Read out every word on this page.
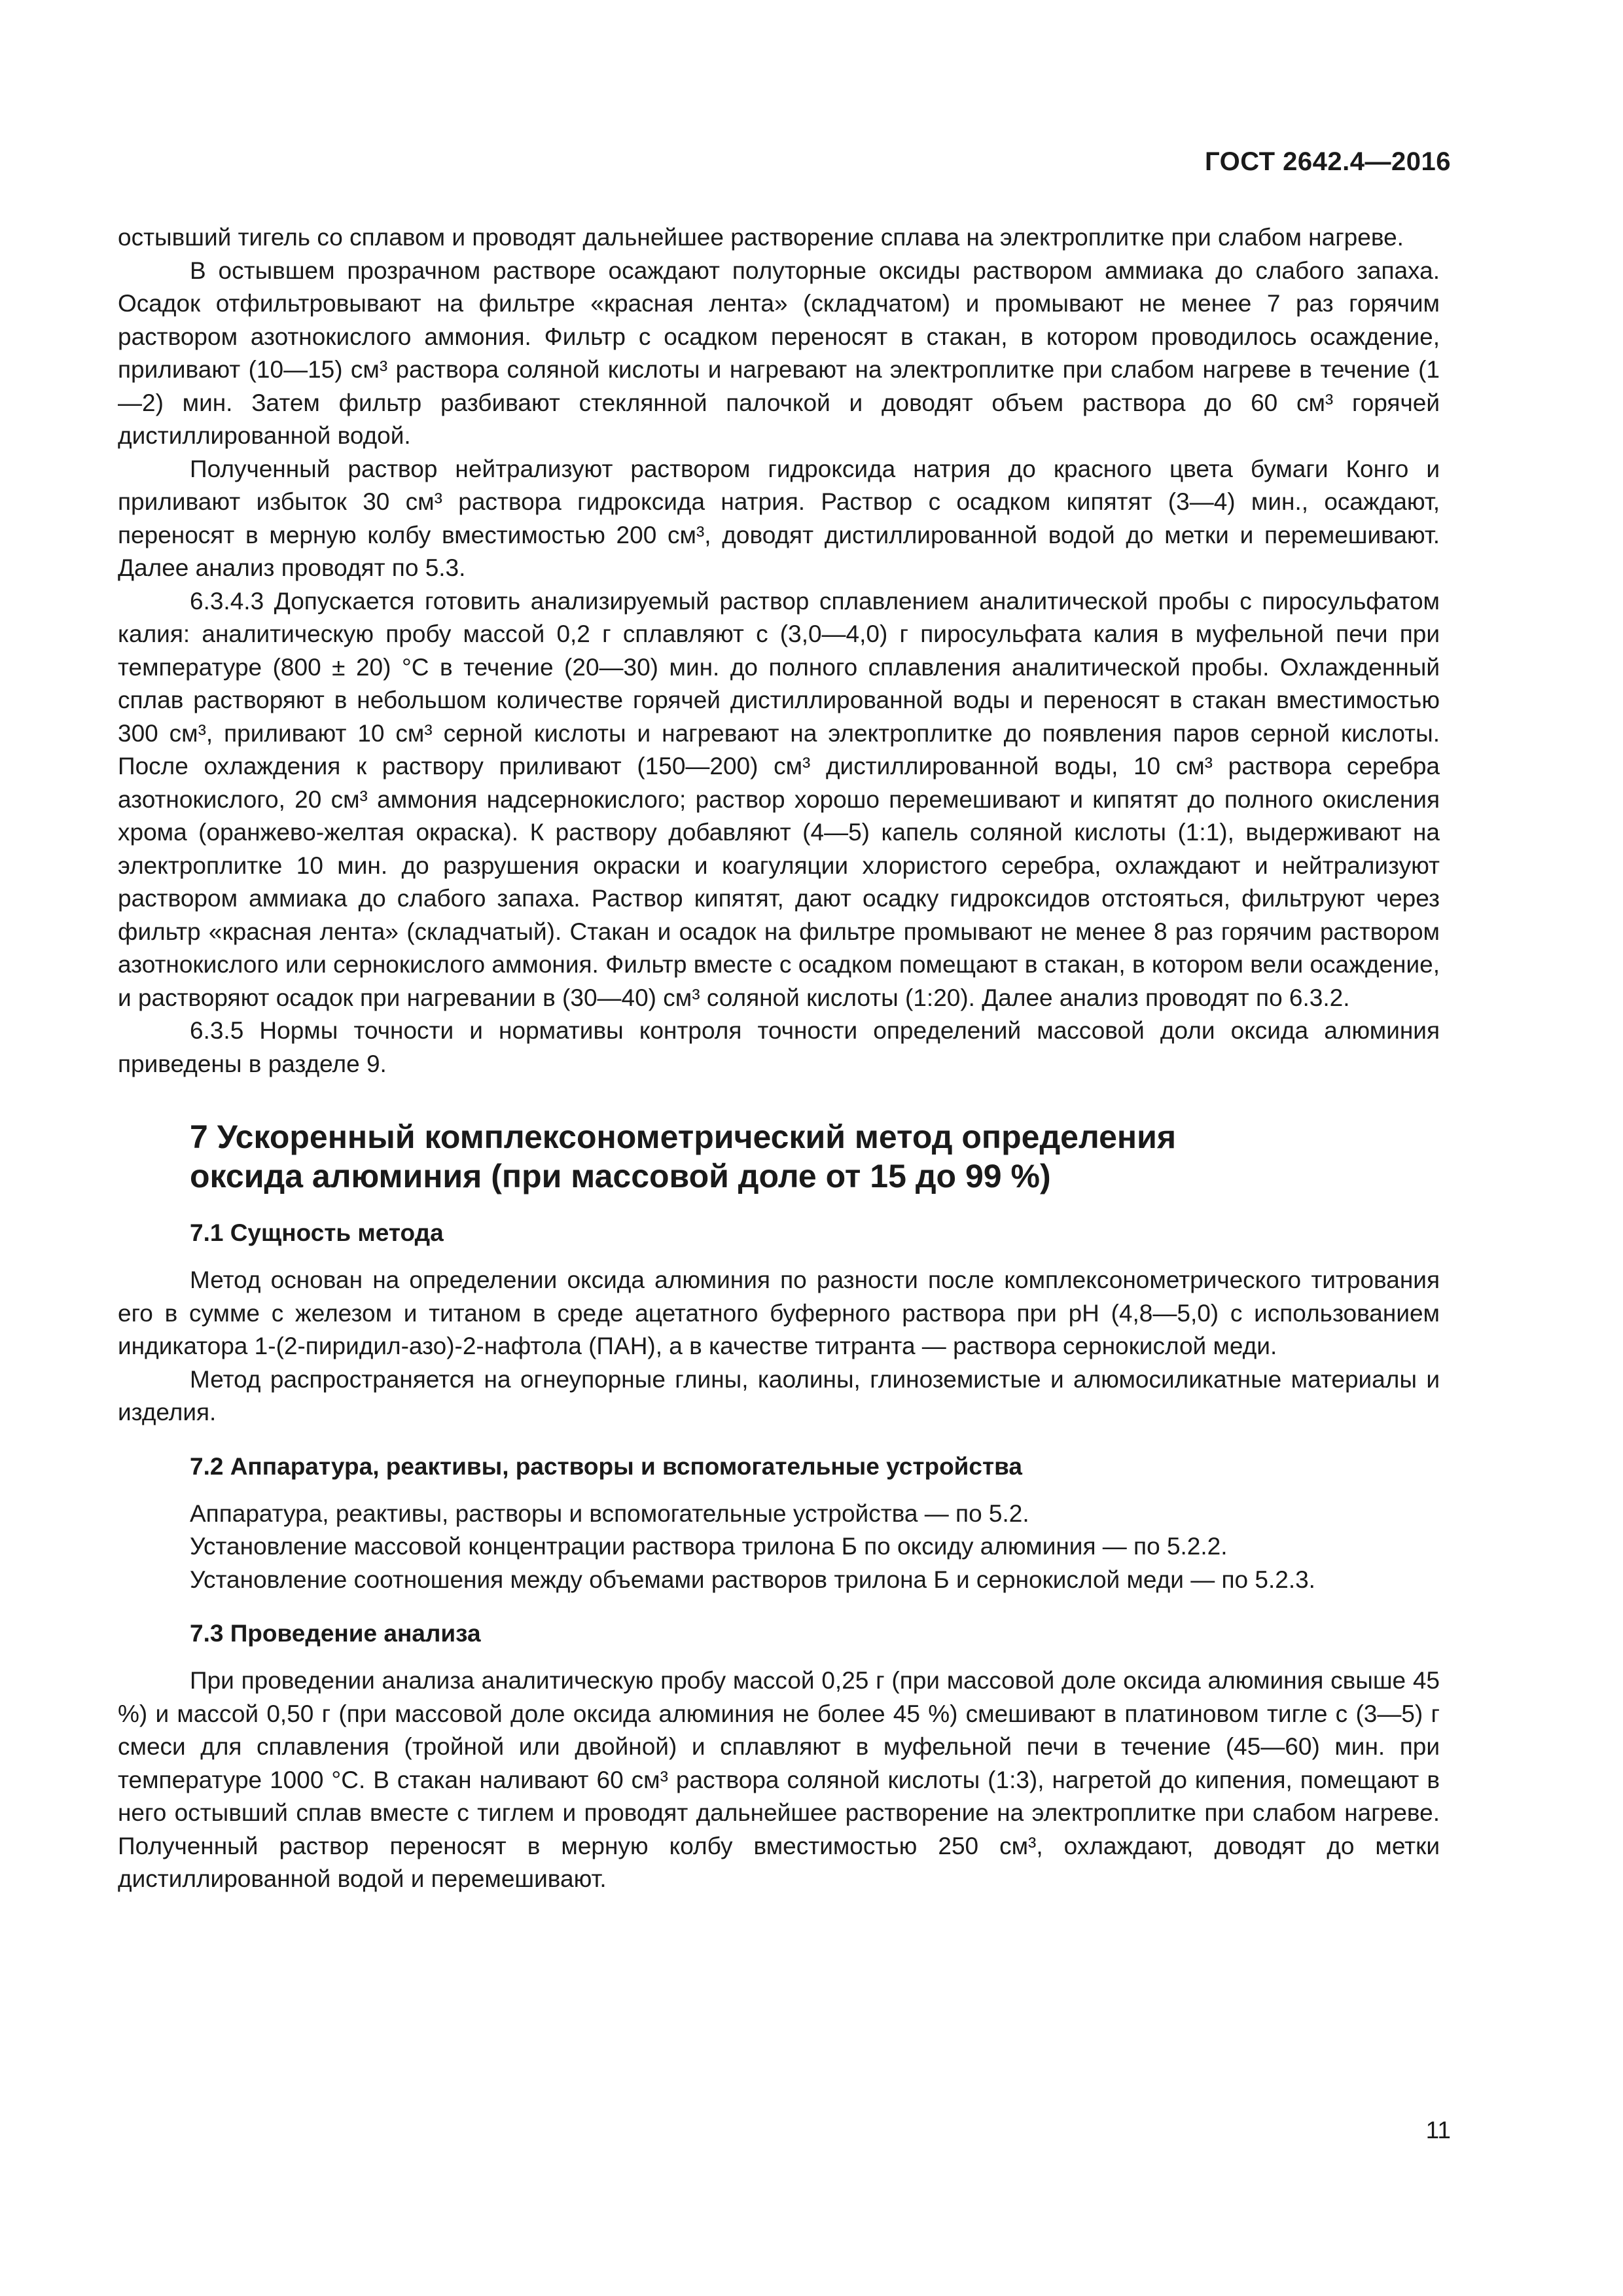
ГОСТ 2642.4—2016

остывший тигель со сплавом и проводят дальнейшее растворение сплава на электроплитке при слабом нагреве.

В остывшем прозрачном растворе осаждают полуторные оксиды раствором аммиака до слабого запаха. Осадок отфильтровывают на фильтре «красная лента» (складчатом) и промывают не менее 7 раз горячим раствором азотнокислого аммония. Фильтр с осадком переносят в стакан, в котором проводилось осаждение, приливают (10—15) см³ раствора соляной кислоты и нагревают на электроплитке при слабом нагреве в течение (1—2) мин. Затем фильтр разбивают стеклянной палочкой и доводят объем раствора до 60 см³ горячей дистиллированной водой.

Полученный раствор нейтрализуют раствором гидроксида натрия до красного цвета бумаги Конго и приливают избыток 30 см³ раствора гидроксида натрия. Раствор с осадком кипятят (3—4) мин., осаждают, переносят в мерную колбу вместимостью 200 см³, доводят дистиллированной водой до метки и перемешивают. Далее анализ проводят по 5.3.

6.3.4.3 Допускается готовить анализируемый раствор сплавлением аналитической пробы с пиросульфатом калия: аналитическую пробу массой 0,2 г сплавляют с (3,0—4,0) г пиросульфата калия в муфельной печи при температуре (800 ± 20) °С в течение (20—30) мин. до полного сплавления аналитической пробы. Охлажденный сплав растворяют в небольшом количестве горячей дистиллированной воды и переносят в стакан вместимостью 300 см³, приливают 10 см³ серной кислоты и нагревают на электроплитке до появления паров серной кислоты. После охлаждения к раствору приливают (150—200) см³ дистиллированной воды, 10 см³ раствора серебра азотнокислого, 20 см³ аммония надсернокислого; раствор хорошо перемешивают и кипятят до полного окисления хрома (оранжево-желтая окраска). К раствору добавляют (4—5) капель соляной кислоты (1:1), выдерживают на электроплитке 10 мин. до разрушения окраски и коагуляции хлористого серебра, охлаждают и нейтрализуют раствором аммиака до слабого запаха. Раствор кипятят, дают осадку гидроксидов отстояться, фильтруют через фильтр «красная лента» (складчатый). Стакан и осадок на фильтре промывают не менее 8 раз горячим раствором азотнокислого или сернокислого аммония. Фильтр вместе с осадком помещают в стакан, в котором вели осаждение, и растворяют осадок при нагревании в (30—40) см³ соляной кислоты (1:20). Далее анализ проводят по 6.3.2.

6.3.5 Нормы точности и нормативы контроля точности определений массовой доли оксида алюминия приведены в разделе 9.

7 Ускоренный комплексонометрический метод определения
оксида алюминия (при массовой доле от 15 до 99 %)
7.1 Сущность метода

Метод основан на определении оксида алюминия по разности после комплексонометрического титрования его в сумме с железом и титаном в среде ацетатного буферного раствора при pH (4,8—5,0) с использованием индикатора 1-(2-пиридил-азо)-2-нафтола (ПАН), а в качестве титранта — раствора сернокислой меди.

Метод распространяется на огнеупорные глины, каолины, глиноземистые и алюмосиликатные материалы и изделия.

7.2 Аппаратура, реактивы, растворы и вспомогательные устройства
Аппаратура, реактивы, растворы и вспомогательные устройства — по 5.2.
Установление массовой концентрации раствора трилона Б по оксиду алюминия — по 5.2.2.
Установление соотношения между объемами растворов трилона Б и сернокислой меди — по 5.2.3.
7.3 Проведение анализа

При проведении анализа аналитическую пробу массой 0,25 г (при массовой доле оксида алюминия свыше 45 %) и массой 0,50 г (при массовой доле оксида алюминия не более 45 %) смешивают в платиновом тигле с (3—5) г смеси для сплавления (тройной или двойной) и сплавляют в муфельной печи в течение (45—60) мин. при температуре 1000 °С. В стакан наливают 60 см³ раствора соляной кислоты (1:3), нагретой до кипения, помещают в него остывший сплав вместе с тиглем и проводят дальнейшее растворение на электроплитке при слабом нагреве. Полученный раствор переносят в мерную колбу вместимостью 250 см³, охлаждают, доводят до метки дистиллированной водой и перемешивают.

11
